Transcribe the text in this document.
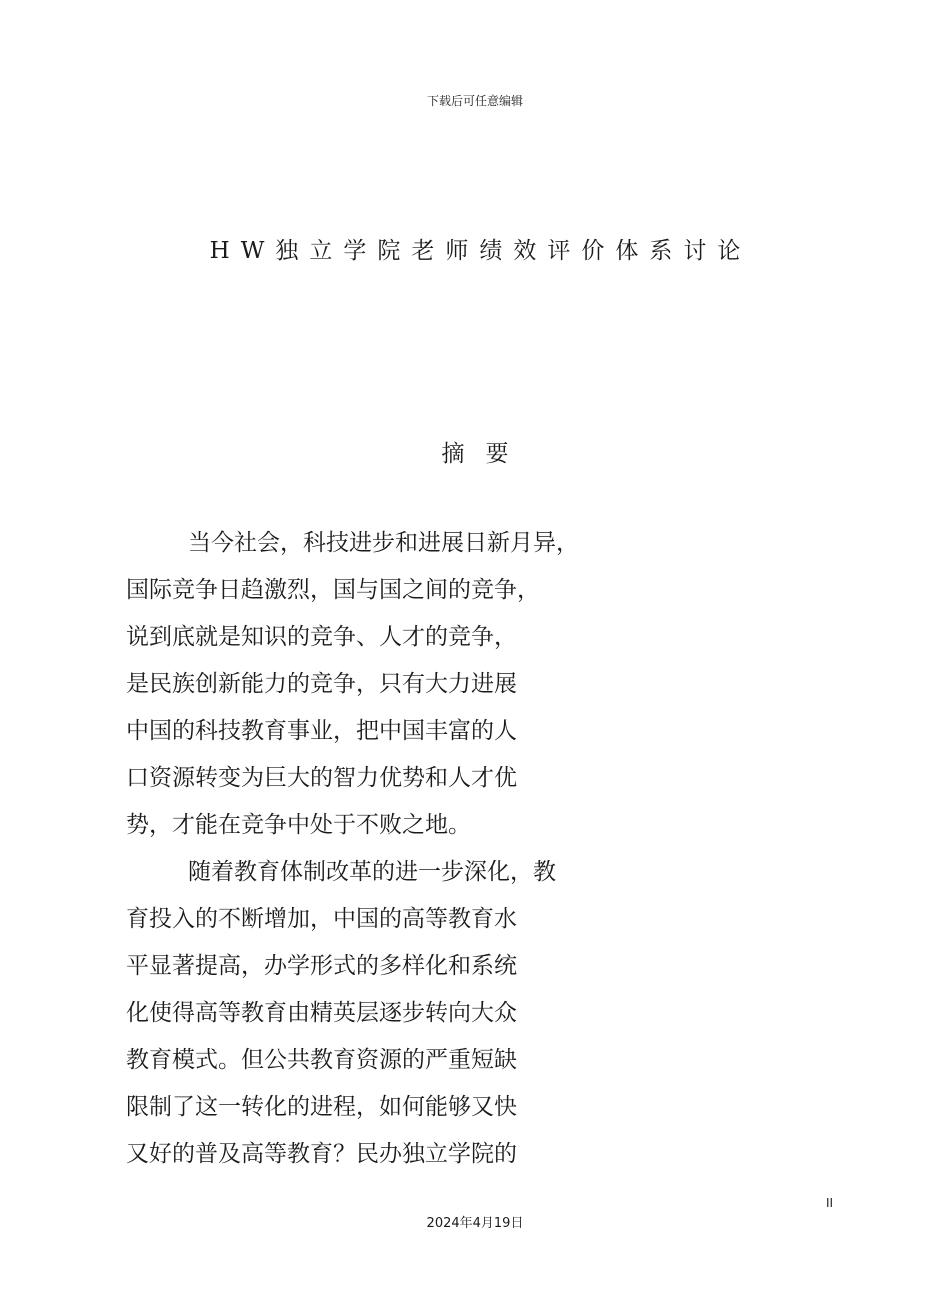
下载后可任意编辑
HW独立学院老师绩效评价体系讨论
摘要
当今社会，科技进步和进展日新月异，
国际竞争日趋激烈，国与国之间的竞争，
说到底就是知识的竞争、人才的竞争，
是民族创新能力的竞争，只有大力进展
中国的科技教育事业，把中国丰富的人
口资源转变为巨大的智力优势和人才优
势，才能在竞争中处于不败之地。
随着教育体制改革的进一步深化，教
育投入的不断增加，中国的高等教育水
平显著提高，办学形式的多样化和系统
化使得高等教育由精英层逐步转向大众
教育模式。但公共教育资源的严重短缺
限制了这一转化的进程，如何能够又快
又好的普及高等教育？民办独立学院的
II
2024年4月19日
